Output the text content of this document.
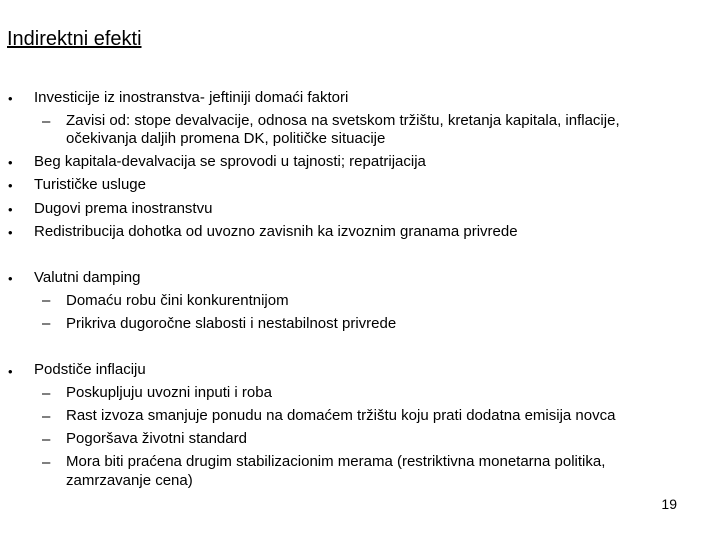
Indirektni efekti
•
•
•
•
•
•
•
–
–
–
–
–
–
–
Investicije iz inostranstva- jeftiniji domaći faktori
Zavisi od: stope devalvacije, odnosa na svetskom tržištu, kretanja kapitala, inflacije,
očekivanja daljih promena DK, političke situacije
Beg kapitala-devalvacija se sprovodi u tajnosti; repatrijacija
Turističke usluge
Dugovi prema inostranstvu
Redistribucija dohotka od uvozno zavisnih ka izvoznim granama privrede
Valutni damping
Domaću robu čini konkurentnijom
Prikriva dugoročne slabosti i nestabilnost privrede
Podstiče inflaciju
Poskupljuju uvozni inputi i roba
Rast izvoza smanjuje ponudu na domaćem tržištu koju prati dodatna emisija novca
Pogoršava životni standard
Mora biti praćena drugim stabilizacionim merama (restriktivna monetarna politika,
zamrzavanje cena)
19
